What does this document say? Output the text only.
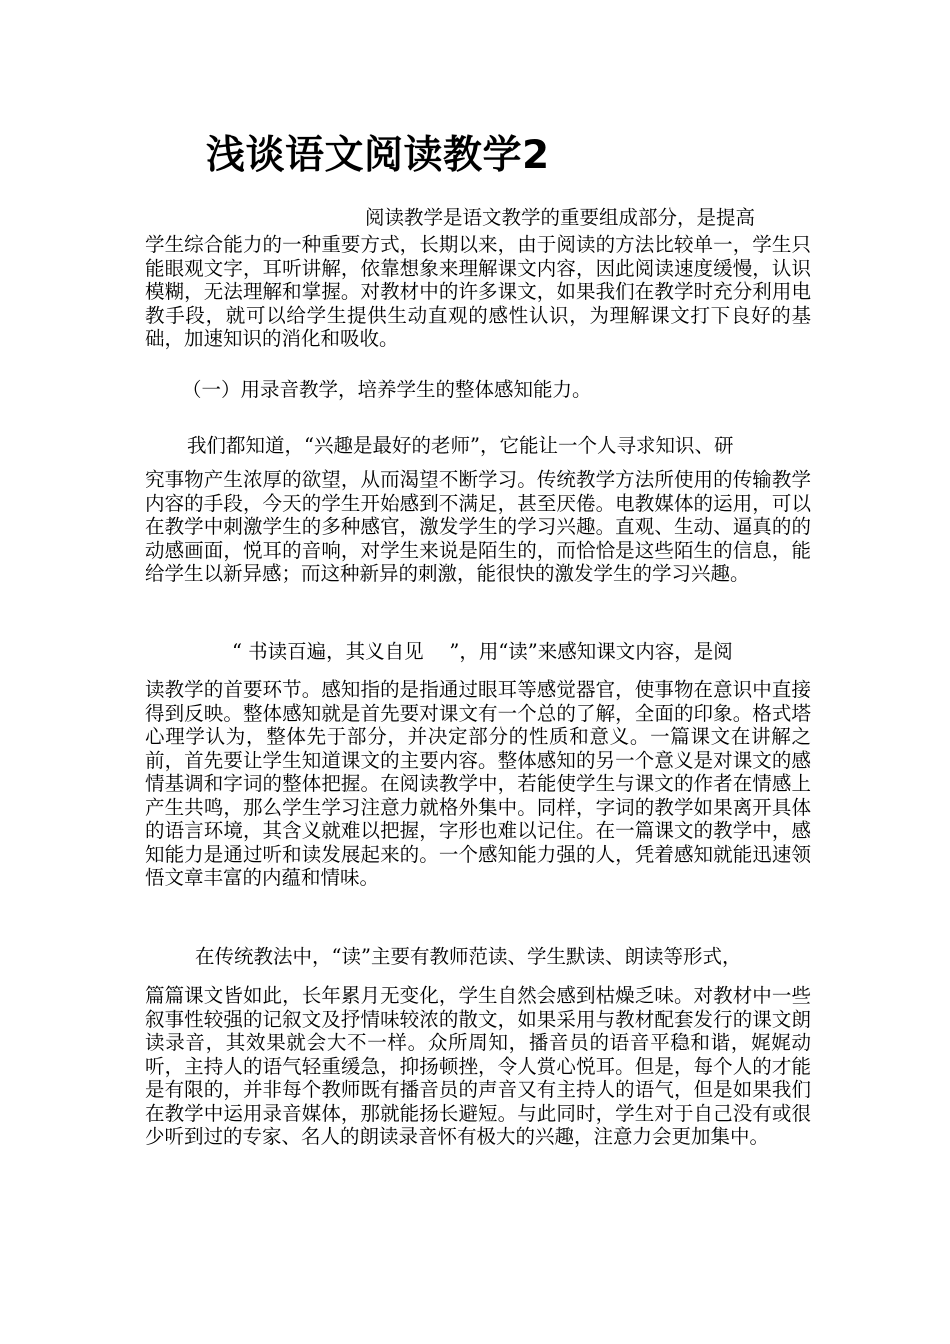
浅谈语文阅读教学2

阅读教学是语文教学的重要组成部分，是提高

学生综合能力的一种重要方式，长期以来，由于阅读的方法比较单一，学生只能眼观文字，耳听讲解，依靠想象来理解课文内容，因此阅读速度缓慢，认识模糊，无法理解和掌握。对教材中的许多课文，如果我们在教学时充分利用电教手段，就可以给学生提供生动直观的感性认识，为理解课文打下良好的基础，加速知识的消化和吸收。

（一）用录音教学，培养学生的整体感知能力。

我们都知道，“兴趣是最好的老师”，它能让一个人寻求知识、研

究事物产生浓厚的欲望，从而渴望不断学习。传统教学方法所使用的传输教学内容的手段，今天的学生开始感到不满足，甚至厌倦。电教媒体的运用，可以在教学中刺激学生的多种感官，激发学生的学习兴趣。直观、生动、逼真的的动感画面，悦耳的音响，对学生来说是陌生的，而恰恰是这些陌生的信息，能给学生以新异感；而这种新异的刺激，能很快的激发学生的学习兴趣。

“ 书读百遍，其义自见　 ”，用“读”来感知课文内容，是阅

读教学的首要环节。感知指的是指通过眼耳等感觉器官，使事物在意识中直接得到反映。整体感知就是首先要对课文有一个总的了解，全面的印象。格式塔心理学认为，整体先于部分，并决定部分的性质和意义。一篇课文在讲解之前，首先要让学生知道课文的主要内容。整体感知的另一个意义是对课文的感情基调和字词的整体把握。在阅读教学中，若能使学生与课文的作者在情感上产生共鸣，那么学生学习注意力就格外集中。同样，字词的教学如果离开具体的语言环境，其含义就难以把握，字形也难以记住。在一篇课文的教学中，感知能力是通过听和读发展起来的。一个感知能力强的人，凭着感知就能迅速领悟文章丰富的内蕴和情味。

在传统教法中，“读”主要有教师范读、学生默读、朗读等形式，

篇篇课文皆如此，长年累月无变化，学生自然会感到枯燥乏味。对教材中一些叙事性较强的记叙文及抒情味较浓的散文，如果采用与教材配套发行的课文朗读录音，其效果就会大不一样。众所周知，播音员的语音平稳和谐，娓娓动听，主持人的语气轻重缓急，抑扬顿挫，令人赏心悦耳。但是，每个人的才能是有限的，并非每个教师既有播音员的声音又有主持人的语气，但是如果我们在教学中运用录音媒体，那就能扬长避短。与此同时，学生对于自己没有或很少听到过的专家、名人的朗读录音怀有极大的兴趣，注意力会更加集中。
